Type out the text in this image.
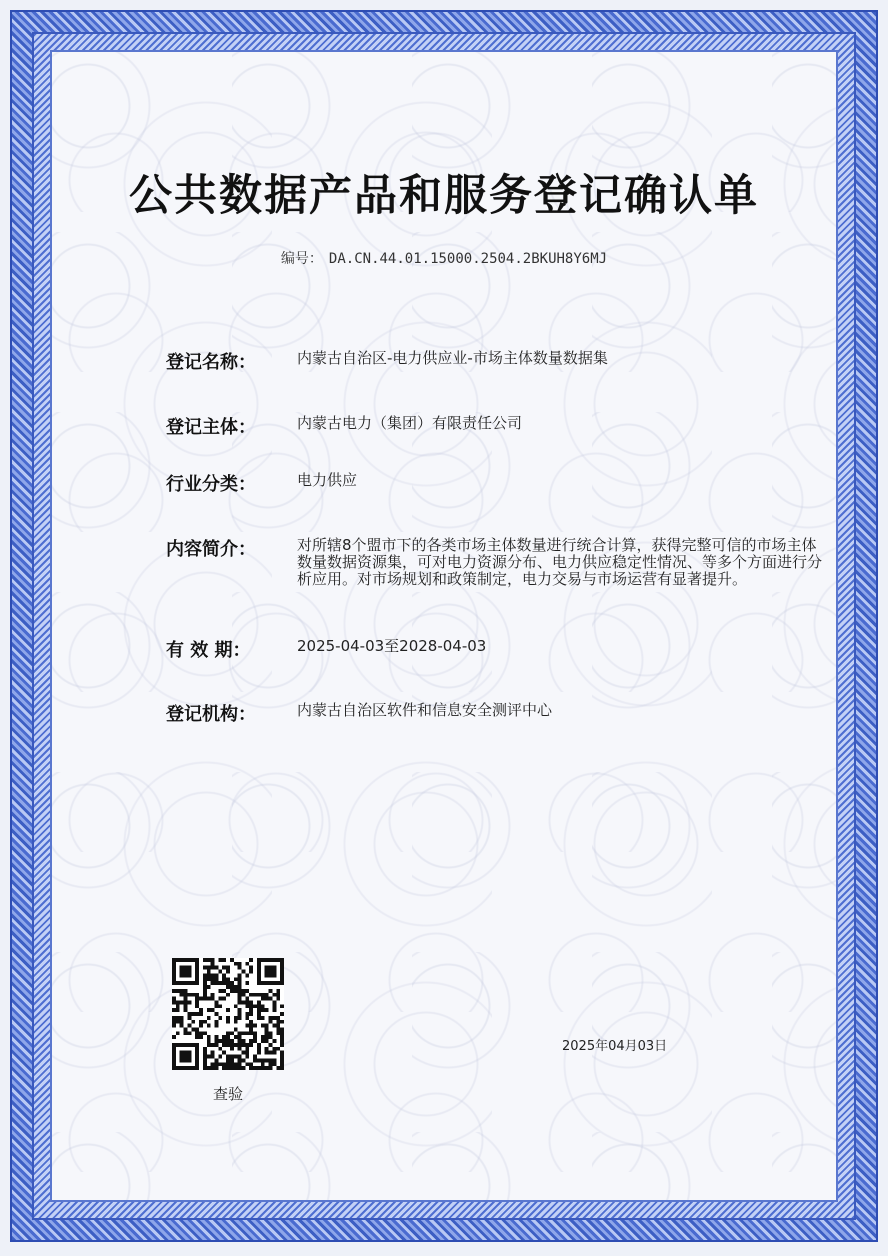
公共数据产品和服务登记确认单
编号： DA.CN.44.01.15000.2504.2BKUH8Y6MJ
登记名称：	内蒙古自治区-电力供应业-市场主体数量数据集
登记主体：	内蒙古电力（集团）有限责任公司
行业分类：	电力供应
内容简介：	对所辖8个盟市下的各类市场主体数量进行统合计算，获得完整可信的市场主体数量数据资源集，可对电力资源分布、电力供应稳定性情况、等多个方面进行分析应用。对市场规划和政策制定，电力交易与市场运营有显著提升。
有 效 期：	2025-04-03至2028-04-03
登记机构：	内蒙古自治区软件和信息安全测评中心
查验
2025年04月03日
